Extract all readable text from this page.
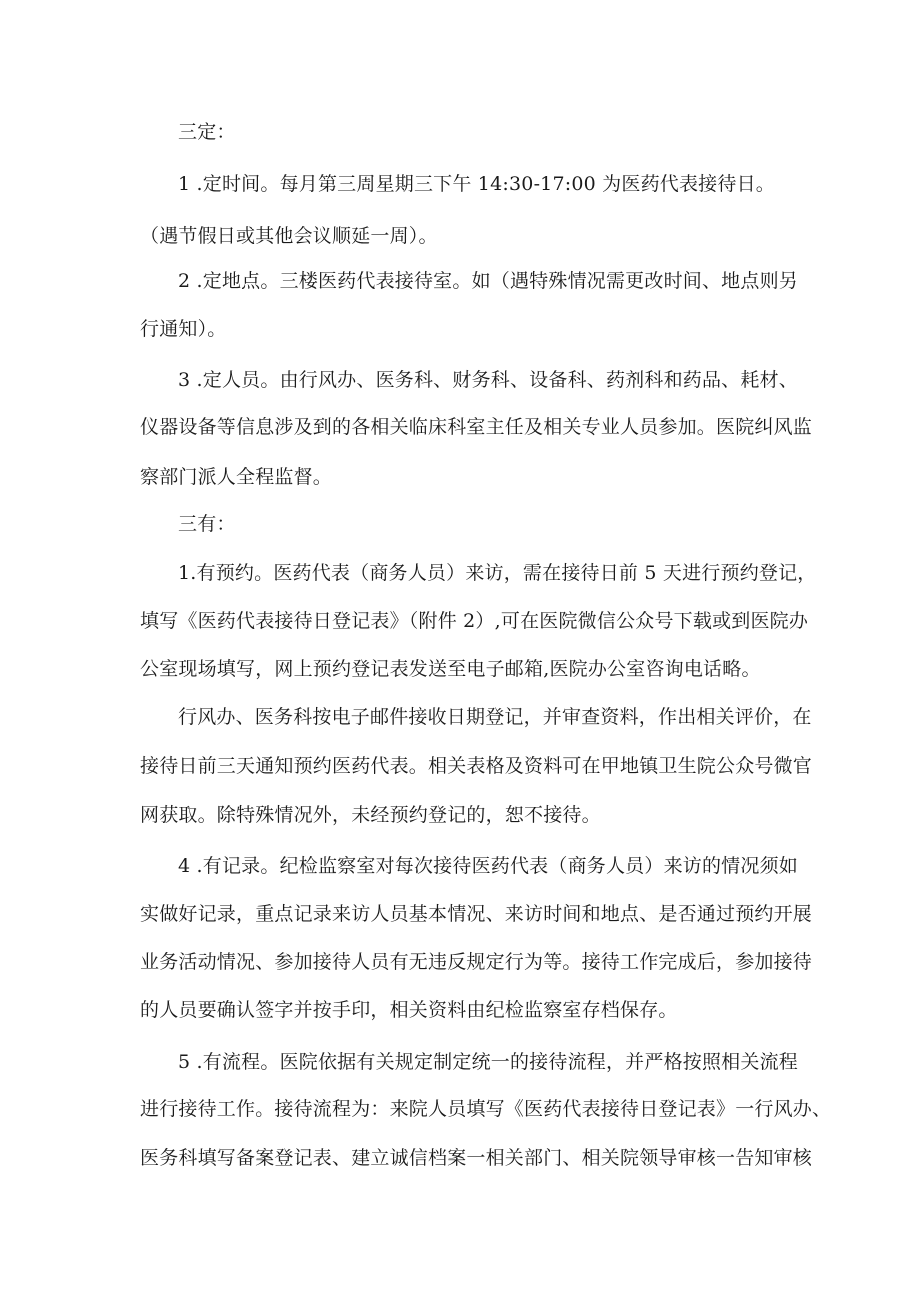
三定：
1 .定时间。每月第三周星期三下午 14:30-17:00 为医药代表接待日。
（遇节假日或其他会议顺延一周）。
2 .定地点。三楼医药代表接待室。如（遇特殊情况需更改时间、地点则另
行通知）。
3 .定人员。由行风办、医务科、财务科、设备科、药剂科和药品、耗材、
仪器设备等信息涉及到的各相关临床科室主任及相关专业人员参加。医院纠风监
察部门派人全程监督。
三有：
1.有预约。医药代表（商务人员）来访，需在接待日前 5 天进行预约登记，
填写《医药代表接待日登记表》（附件 2）,可在医院微信公众号下载或到医院办
公室现场填写，网上预约登记表发送至电子邮箱,医院办公室咨询电话略。
行风办、医务科按电子邮件接收日期登记，并审查资料，作出相关评价，在
接待日前三天通知预约医药代表。相关表格及资料可在甲地镇卫生院公众号微官
网获取。除特殊情况外，未经预约登记的，恕不接待。
4 .有记录。纪检监察室对每次接待医药代表（商务人员）来访的情况须如
实做好记录，重点记录来访人员基本情况、来访时间和地点、是否通过预约开展
业务活动情况、参加接待人员有无违反规定行为等。接待工作完成后，参加接待
的人员要确认签字并按手印，相关资料由纪检监察室存档保存。
5 .有流程。医院依据有关规定制定统一的接待流程，并严格按照相关流程
进行接待工作。接待流程为：来院人员填写《医药代表接待日登记表》一行风办、
医务科填写备案登记表、建立诚信档案一相关部门、相关院领导审核一告知审核
